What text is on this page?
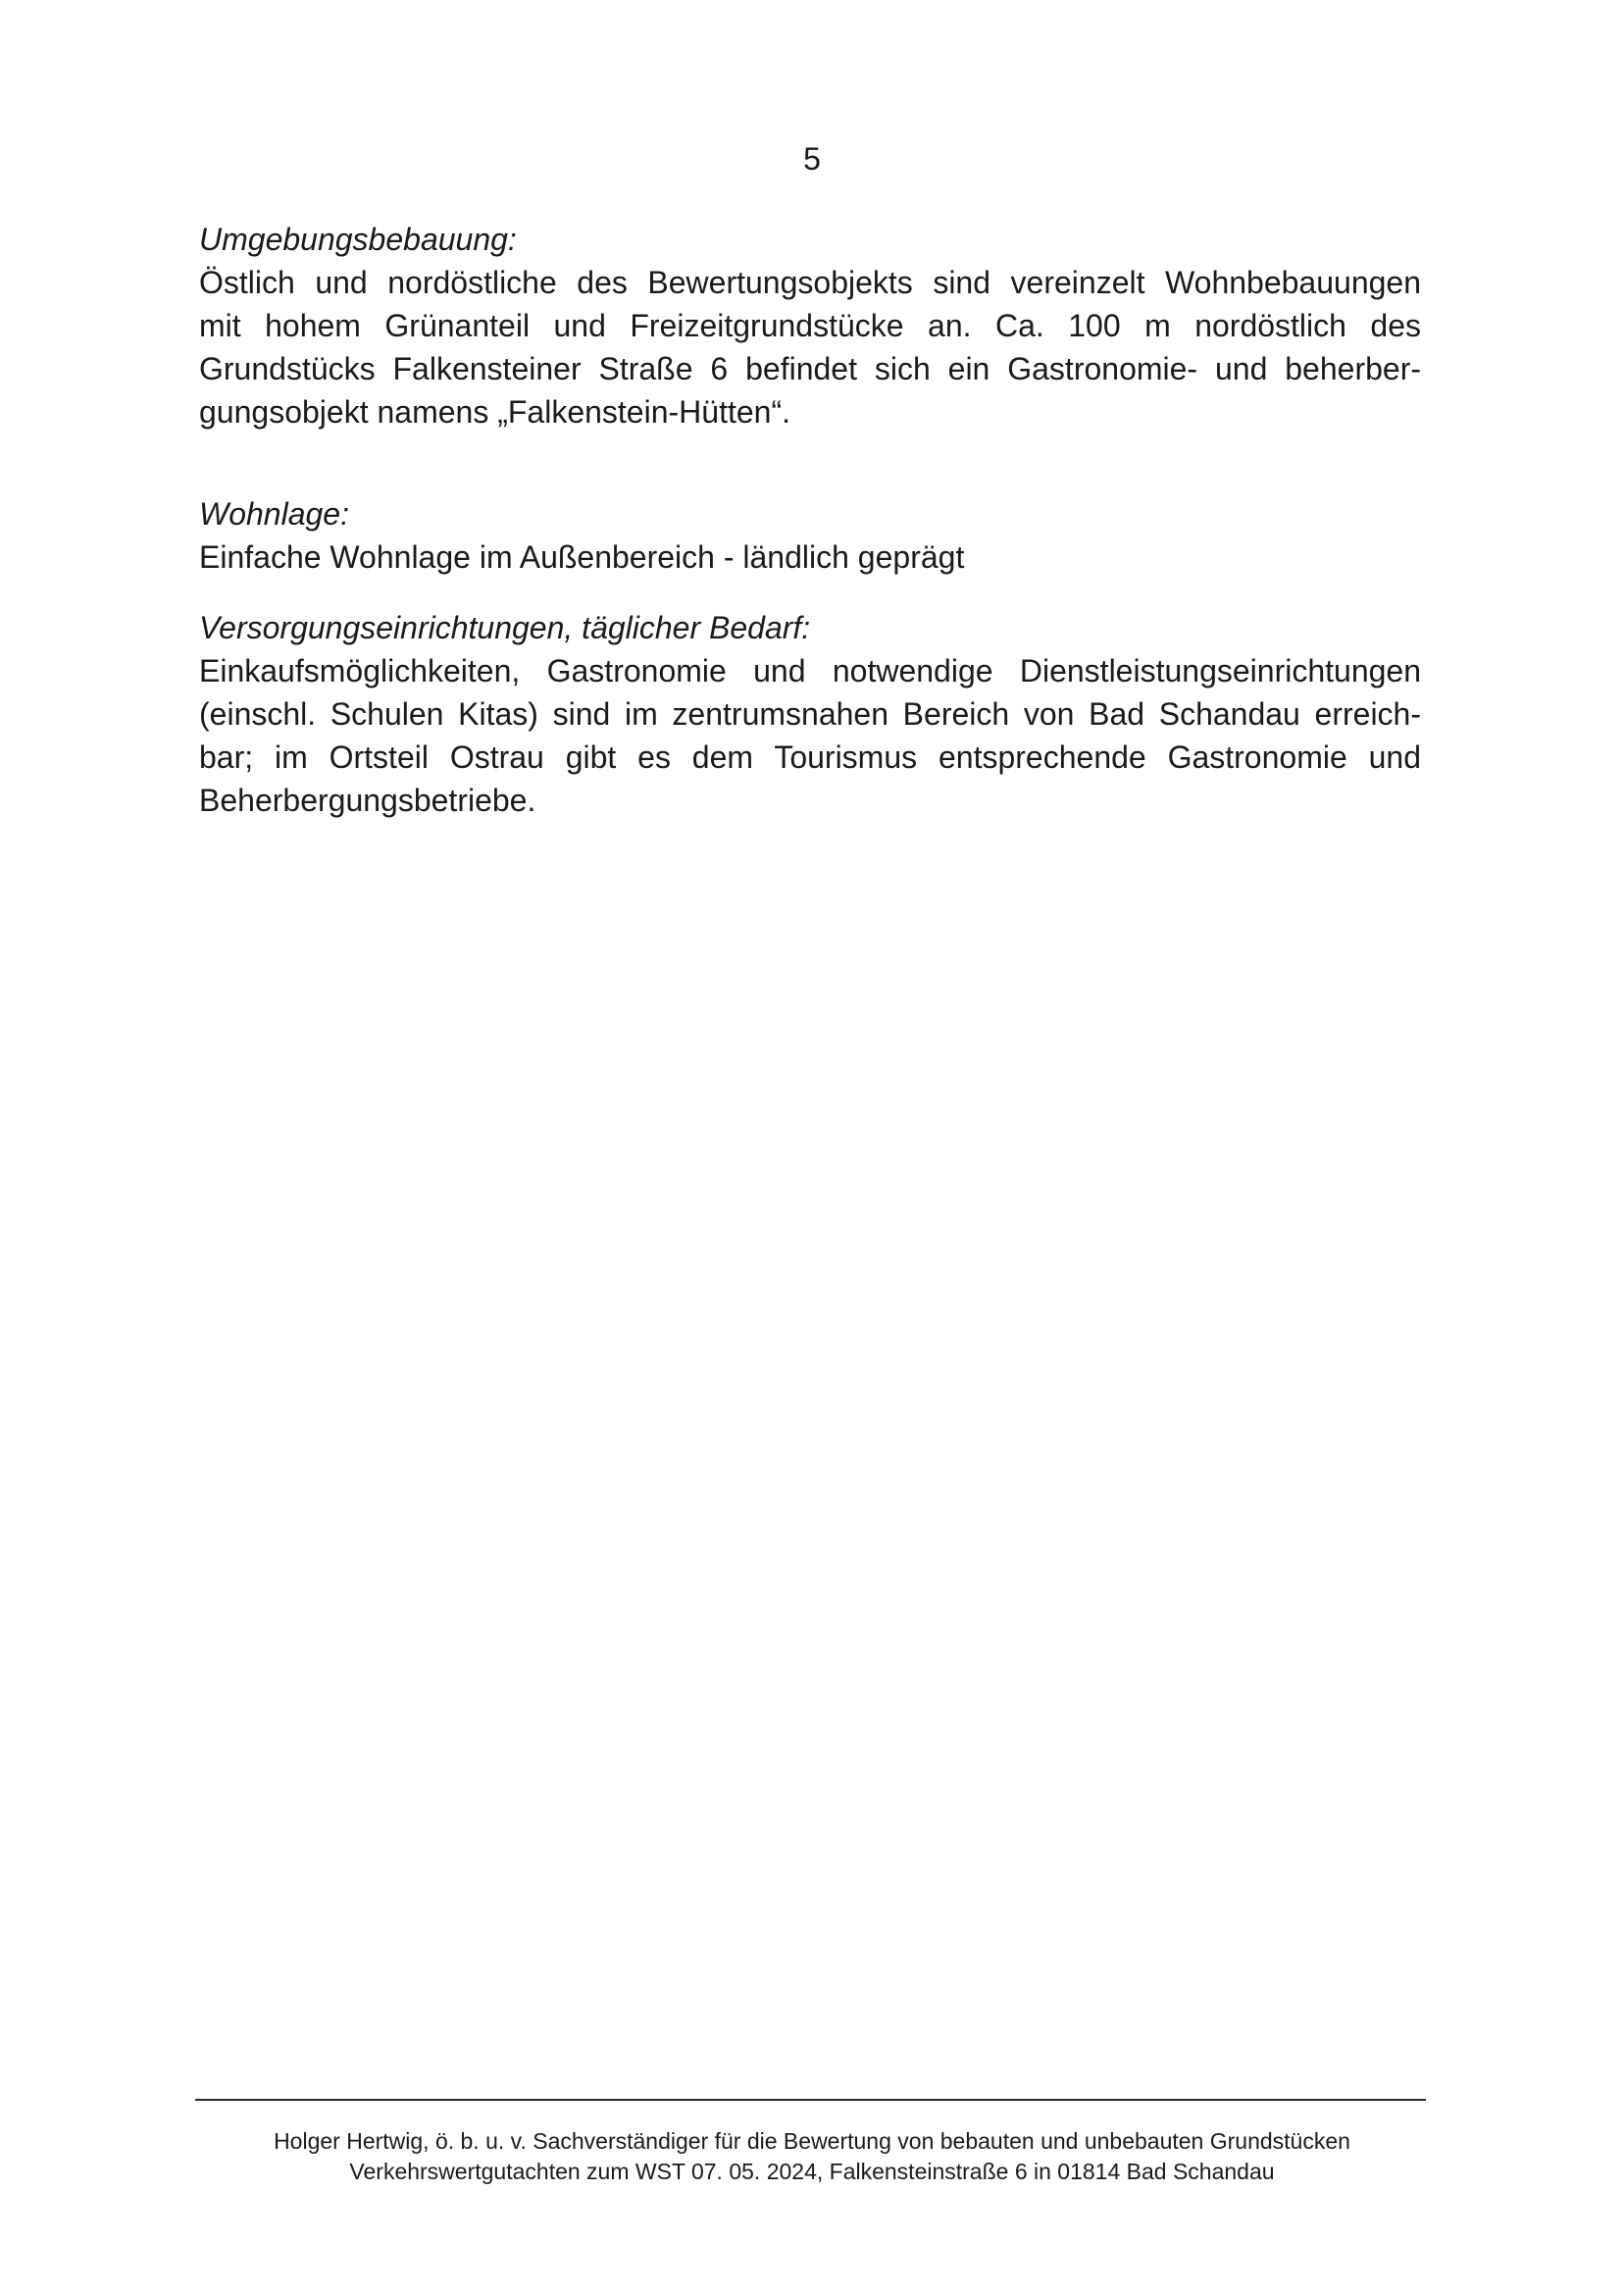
5

Umgebungsbebauung:

Östlich und nordöstliche des Bewertungsobjekts sind vereinzelt Wohnbebauungen
mit hohem Grünanteil und Freizeitgrundstücke an. Ca. 100 m nordöstlich des
Grundstücks Falkensteiner Straße 6 befindet sich ein Gastronomie- und beherber-
gungsobjekt namens „Falkenstein-Hütten“.

Wohnlage:

Einfache Wohnlage im Außenbereich - ländlich geprägt

Versorgungseinrichtungen, täglicher Bedarf:

Einkaufsmöglichkeiten, Gastronomie und notwendige Dienstleistungseinrichtungen
(einschl. Schulen Kitas) sind im zentrumsnahen Bereich von Bad Schandau erreich-
bar; im Ortsteil Ostrau gibt es dem Tourismus entsprechende Gastronomie und
Beherbergungsbetriebe.

Holger Hertwig, ö. b. u. v. Sachverständiger für die Bewertung von bebauten und unbebauten Grundstücken
Verkehrswertgutachten zum WST 07. 05. 2024, Falkensteinstraße 6 in 01814 Bad Schandau
